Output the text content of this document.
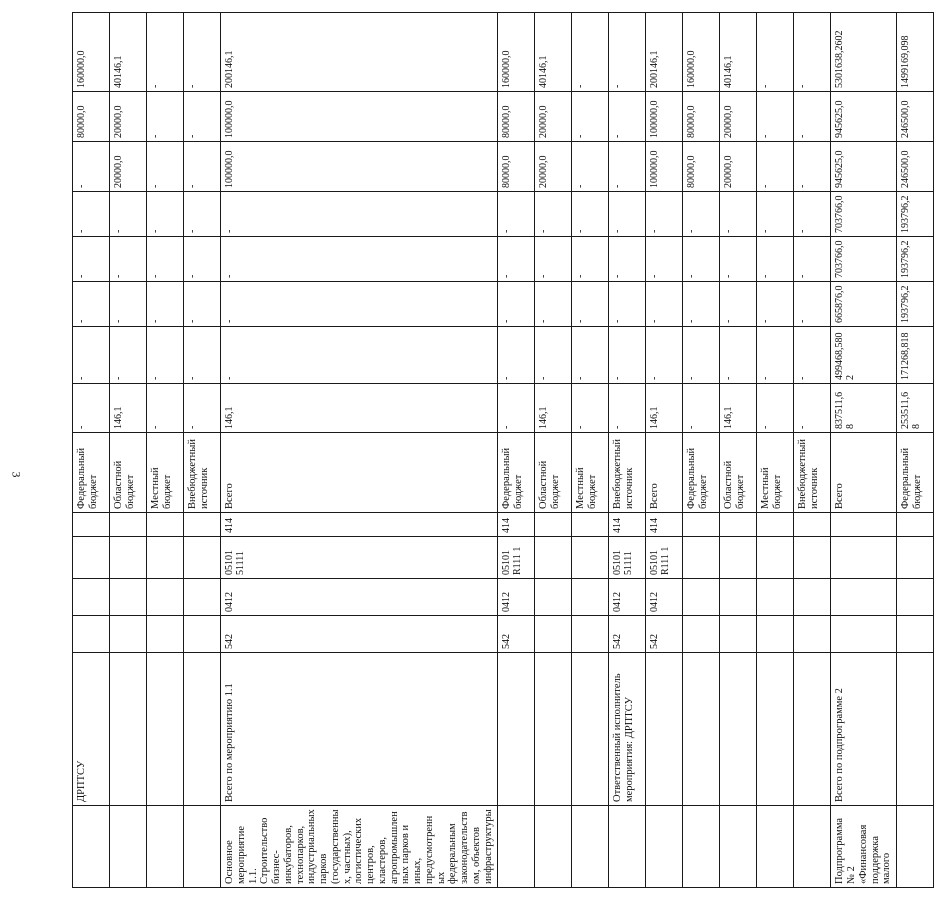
3
	ДРПТСУ					Федеральный бюджет	-	-	-	-	-	-	80000,0	160000,0
						Областной бюджет	146,1	-	-	-	-	20000,0	20000,0	40146,1
						Местный бюджет	-	-	-	-	-	-	-	-
						Внебюджетный источник	-	-	-	-	-	-	-	-
Основное мероприятие 1.1. Строительство бизнес-инкубаторов, технопарков, индустриальных парков (государственных, частных), логистических центров, кластеров, агропромышленных парков и иных, предусмотренных федеральным законодательством, объектов инфраструктуры	Всего по мероприятию 1.1	542	0412	05101 51111	414	Всего	146,1	-	-	-	-	100000,0	100000,0	200146,1
		542	0412	05101 R111 1	414	Федеральный бюджет	-	-	-	-	-	80000,0	80000,0	160000,0
						Областной бюджет	146,1	-	-	-	-	20000,0	20000,0	40146,1
						Местный бюджет	-	-	-	-	-	-	-	-
	Ответственный исполнитель мероприятия: ДРПТСУ	542	0412	05101 51111	414	Внебюджетный источник	-	-	-	-	-	-	-	-
		542	0412	05101 R111 1	414	Всего	146,1	-	-	-	-	100000,0	100000,0	200146,1
						Федеральный бюджет	-	-	-	-	-	80000,0	80000,0	160000,0
						Областной бюджет	146,1	-	-	-	-	20000,0	20000,0	40146,1
						Местный бюджет	-	-	-	-	-	-	-	-
						Внебюджетный источник	-	-	-	-	-	-	-	-
Подпрограмма № 2 «Финансовая поддержка малого	Всего по подпрограмме 2					Всего	837511,68	499468,5802	665876,0	703766,0	703766,0	945625,0	945625,0	5301638,2602
						Федеральный бюджет	253511,68	171268,818	193796,2	193796,2	193796,2	246500,0	246500,0	1499169,098
